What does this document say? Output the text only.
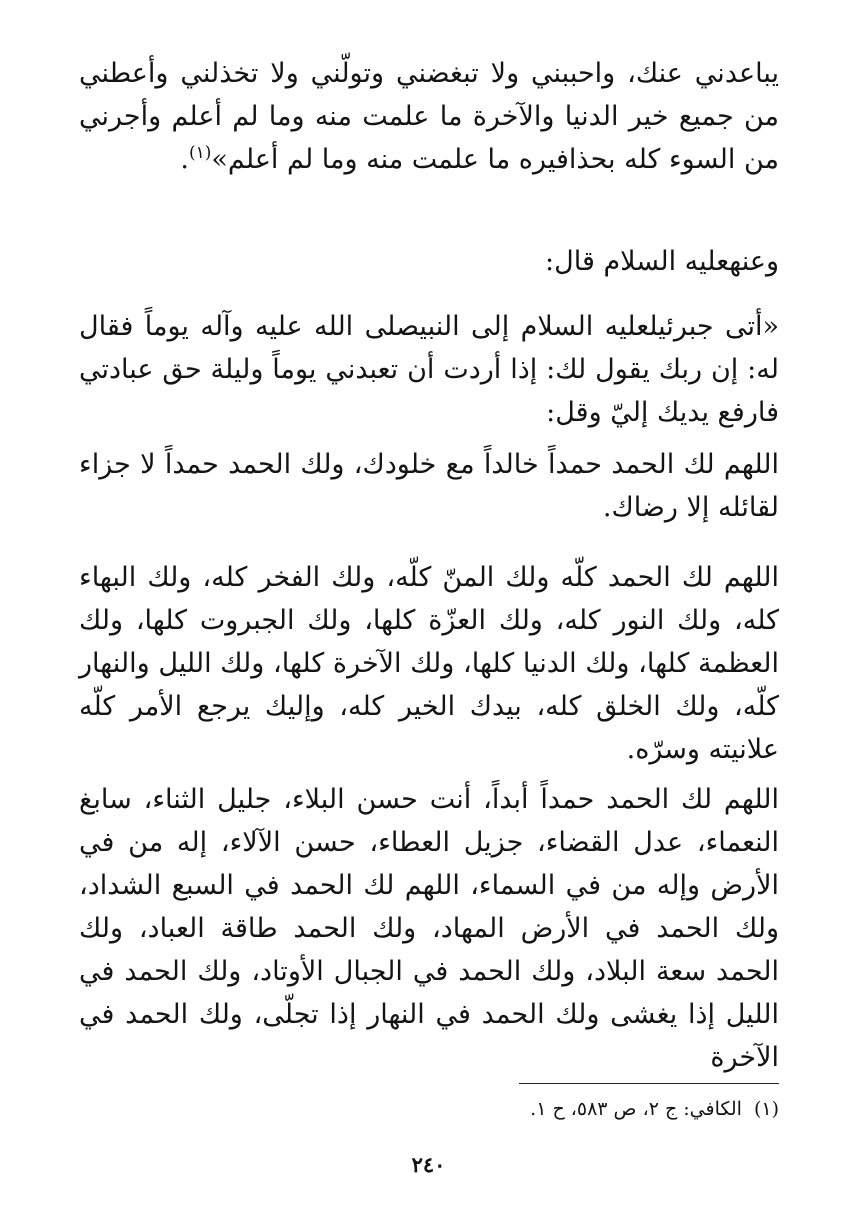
يباعدني عنك، واحببني ولا تبغضني وتولّني ولا تخذلني وأعطني من جميع خير الدنيا والآخرة ما علمت منه وما لم أعلم وأجرني من السوء كله بحذافيره ما علمت منه وما لم أعلم»$^{(١)}$.

وعنهعليه السلام قال:

«أتى جبرئيلعليه السلام إلى النبيصلى الله عليه وآله يوماً فقال له: إن ربك يقول لك: إذا أردت أن تعبدني يوماً وليلة حق عبادتي فارفع يديك إليّ وقل:

اللهم لك الحمد حمداً خالداً مع خلودك، ولك الحمد حمداً لا جزاء لقائله إلا رضاك.

اللهم لك الحمد كلّه ولك المنّ كلّه، ولك الفخر كله، ولك البهاء كله، ولك النور كله، ولك العزّة كلها، ولك الجبروت كلها، ولك العظمة كلها، ولك الدنيا كلها، ولك الآخرة كلها، ولك الليل والنهار كلّه، ولك الخلق كله، بيدك الخير كله، وإليك يرجع الأمر كلّه علانيته وسرّه.

اللهم لك الحمد حمداً أبداً، أنت حسن البلاء، جليل الثناء، سابغ النعماء، عدل القضاء، جزيل العطاء، حسن الآلاء، إله من في الأرض وإله من في السماء، اللهم لك الحمد في السبع الشداد، ولك الحمد في الأرض المهاد، ولك الحمد طاقة العباد، ولك الحمد سعة البلاد، ولك الحمد في الجبال الأوتاد، ولك الحمد في الليل إذا يغشى ولك الحمد في النهار إذا تجلّى، ولك الحمد في الآخرة

(١)الكافي: ج ٢، ص ٥٨٣، ح ١.
٢٤٠
